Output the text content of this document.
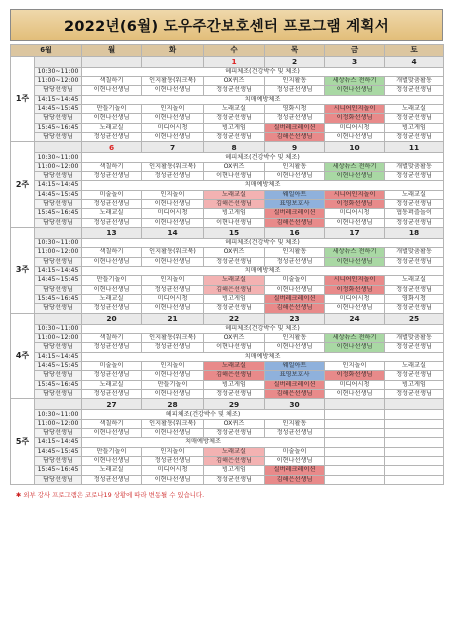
2022년(6월) 도우주간보호센터 프로그램 계획서
6월		월	화	수	목	금	토
1주				1	2	3	4
	10:30~11:00	헤피체조(건강박수 및 체조)					
	11:00~12:00	색칠하기	인지활동(워크북)	OX퀴즈	인지활동	세상뉴스 전하기	개별맞춤활동
	담당선생님	이현나선생님	이현나선생님	정성균선생님	정성균선생님	이현나선생님	정성균선생님
	14:15~14:45	치매예방체조					
	14:45~15:45	만들기놀이	인지놀이	노래교실	영화시청	시니어인지놀이	노래교실
	담당선생님	이현나선생님	이현나선생님	정성균선생님	정성균선생님	이정화선생님	정성균선생님
	15:45~16:45	노래교실	미디어시청	빙고게임	실버레크레이션	미디어시청	빙고게임
	담당선생님	정성균선생님	이현나선생님	정성균선생님	김해은선생님	이현나선생님	정성균선생님
2주		6	7	8	9	10	11
	10:30~11:00	헤피체조(건강박수 및 체조)					
	11:00~12:00	색칠하기	인지활동(워크북)	OX퀴즈	인지활동	세상뉴스 전하기	개별맞춤활동
	담당선생님	정성균선생님	정성균선생님	이현나선생님	이현나선생님	이현나선생님	정성균선생님
	14:15~14:45	치매예방체조					
	14:45~15:45	미술놀이	인지놀이	노래교실	웨일아트	시니어인지놀이	노래교실
	담당선생님	정성균선생님	이현나선생님	김해은선생님	표영보호사	이정화선생님	정성균선생님
	15:45~16:45	노래교실	미디어시청	빙고게임	실버레크레이션	미디어시청	협동퍼즐놀이
	담당선생님	정성균선생님	이현나선생님	이현나선생님	김해은선생님	이현나선생님	정성균선생님
3주		13	14	15	16	17	18
	10:30~11:00	헤피체조(건강박수 및 체조)					
	11:00~12:00	색칠하기	인지활동(워크북)	OX퀴즈	인지활동	세상뉴스 전하기	개별맞춤활동
	담당선생님	이현나선생님	이현나선생님	정성균선생님	정성균선생님	이현나선생님	정성균선생님
	14:15~14:45	치매예방체조					
	14:45~15:45	만들기놀이	인지놀이	노래교실	미술놀이	시니어인지놀이	노래교실
	담당선생님	이현나선생님	정성균선생님	김해은선생님	이현나선생님	이정화선생님	정성균선생님
	15:45~16:45	노래교실	미디어시청	빙고게임	실버레크레이션	미디어시청	영화시청
	담당선생님	정성균선생님	이현나선생님	정성균선생님	김해은선생님	이현나선생님	정성균선생님
4주		20	21	22	23	24	25
	10:30~11:00	헤피체조(건강박수 및 체조)					
	11:00~12:00	색칠하기	인지활동(워크북)	OX퀴즈	인지활동	세상뉴스 전하기	개별맞춤활동
	담당선생님	정성균선생님	정성균선생님	이현나선생님	이현나선생님	이현나선생님	정성균선생님
	14:15~14:45	치매예방체조					
	14:45~15:45	미술놀이	인지놀이	노래교실	웨일아트	인지놀이	노래교실
	담당선생님	정성균선생님	이현나선생님	김해은선생님	표영보호사	이정화선생님	정성균선생님
	15:45~16:45	노래교실	만들기놀이	빙고게임	실버레크레이션	미디어시청	빙고게임
	담당선생님	정성균선생님	이현나선생님	정성균선생님	김해은선생님	이현나선생님	정성균선생님
5주		27	28	29	30		
	10:30~11:00	헤피체조(건강박수 및 체조)					
	11:00~12:00	색칠하기	인지활동(워크북)	OX퀴즈	인지활동		
	담당선생님	이현나선생님	이현나선생님	정성균선생님	정성균선생님		
	14:15~14:45	치매예방체조					
	14:45~15:45	만들기놀이	인지놀이	노래교실	미술놀이		
	담당선생님	이현나선생님	정성균선생님	김해은선생님	이현나선생님		
	15:45~16:45	노래교실	미디어시청	빙고게임	실버레크레이션		
	담당선생님	정성균선생님	이현나선생님	정성균선생님	김해은선생님		
✱ 외부 강사 프로그램은 코로나19 상황에 따라 변동될 수 있습니다.
